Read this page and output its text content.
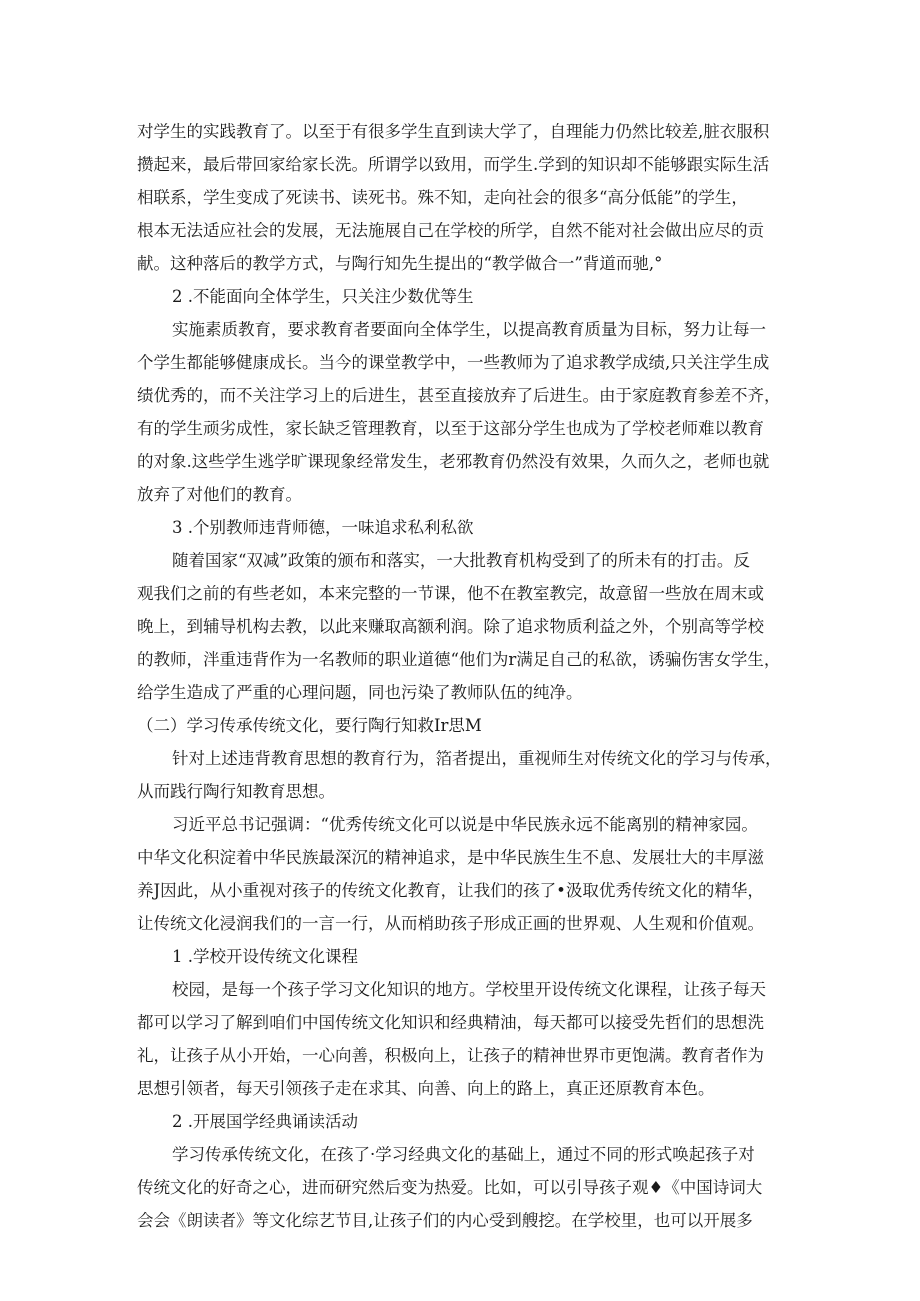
对学生的实践教育了。以至于有很多学生直到读大学了，自理能力仍然比较差,脏衣服积
攒起来，最后带回家给家长洗。所谓学以致用，而学生.学到的知识却不能够跟实际生活
相联系，学生变成了死读书、读死书。殊不知，走向社会的很多“高分低能”的学生，
根本无法适应社会的发展，无法施展自己在学校的所学，自然不能对社会做出应尽的贡
献。这种落后的教学方式，与陶行知先生提出的“教学做合一”背道而驰,°
2 .不能面向全体学生，只关注少数优等生
实施素质教育，要求教育者要面向全体学生，以提高教育质量为目标，努力让每一
个学生都能够健康成长。当今的课堂教学中，一些教师为了追求教学成绩,只关注学生成
绩优秀的，而不关注学习上的后进生，甚至直接放弃了后进生。由于家庭教育参差不齐，
有的学生顽劣成性，家长缺乏管理教育，以至于这部分学生也成为了学校老师难以教育
的对象.这些学生逃学旷课现象经常发生，老邪教育仍然没有效果，久而久之，老师也就
放弃了对他们的教育。
3 .个别教师违背师德，一味追求私利私欲
随着国家“双减”政策的颁布和落实，一大批教育机构受到了的所未有的打击。反
观我们之前的有些老如，本来完整的一节课，他不在教室教完，故意留一些放在周末或
晚上，到辅导机构去教，以此来赚取高额利润。除了追求物质利益之外，个别高等学校
的教师，泮重违背作为一名教师的职业道德“他们为r满足自己的私欲，诱骗伤害女学生，
给学生造成了严重的心理问题，同也污染了教师队伍的纯净。
（二）学习传承传统文化，要行陶行知救Ir思M
针对上述违背教育思想的教育行为，箔者提出，重视师生对传统文化的学习与传承，
从而践行陶行知教育思想。
习近平总书记强调：“优秀传统文化可以说是中华民族永远不能离别的精神家园。
中华文化积淀着中华民族最深沉的精神追求，是中华民族生生不息、发展壮大的丰厚滋
养J因此，从小重视对孩子的传统文化教育，让我们的孩了•汲取优秀传统文化的精华，
让传统文化浸润我们的一言一行，从而梢助孩子形成正画的世界观、人生观和价值观。
1 .学校开设传统文化课程
校园，是每一个孩子学习文化知识的地方。学校里开设传统文化课程，让孩子每天
都可以学习了解到咱们中国传统文化知识和经典精油，每天都可以接受先哲们的思想洗
礼，让孩子从小开始，一心向善，积极向上，让孩子的精神世界市更饱满。教育者作为
思想引领者，每天引领孩子走在求其、向善、向上的路上，真正还原教育本色。
2 .开展国学经典诵读活动
学习传承传统文化，在孩了·学习经典文化的基础上，通过不同的形式唤起孩子对
传统文化的好奇之心，进而研究然后变为热爱。比如，可以引导孩子观♦《中国诗词大
会会《朗读者》等文化综艺节目,让孩子们的内心受到艘挖。在学校里，也可以开展多
